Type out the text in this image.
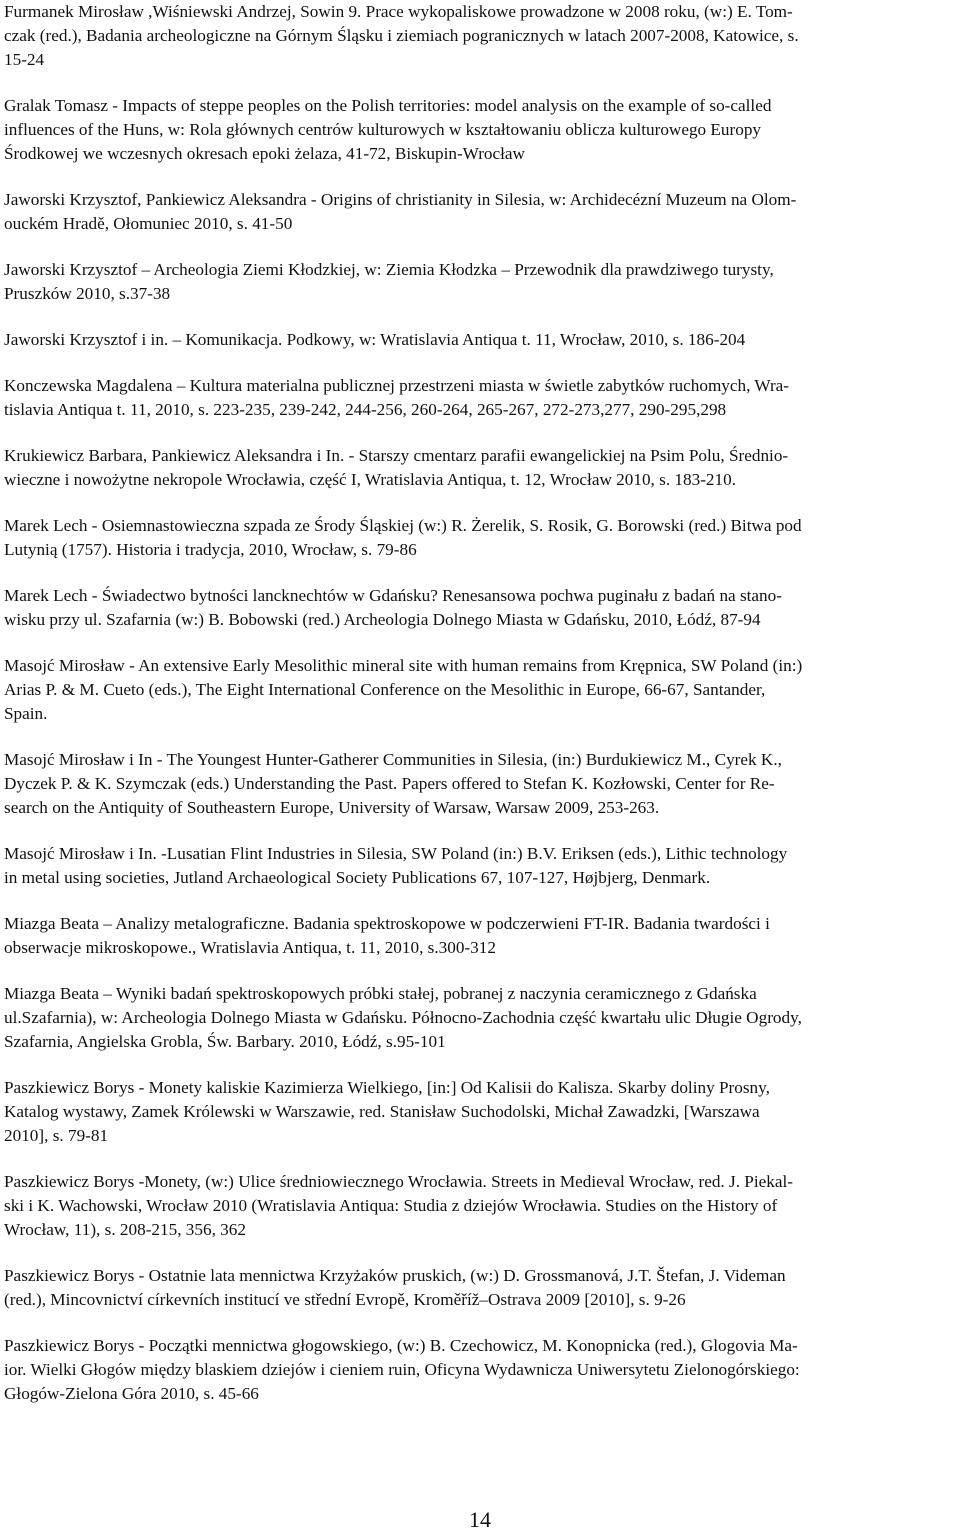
Furmanek Mirosław ,Wiśniewski Andrzej, Sowin 9. Prace wykopaliskowe prowadzone w 2008 roku, (w:) E. Tom-
czak (red.), Badania archeologiczne na Górnym Śląsku i ziemiach pogranicznych w latach 2007-2008, Katowice, s.
15-24
Gralak Tomasz - Impacts of steppe peoples on the Polish territories: model analysis on the example of so-called
influences of the Huns, w: Rola głównych centrów kulturowych w kształtowaniu oblicza kulturowego Europy
Środkowej we wczesnych okresach epoki żelaza, 41-72, Biskupin-Wrocław
Jaworski Krzysztof, Pankiewicz Aleksandra - Origins of christianity in Silesia, w: Archidecézní Muzeum na Olom-
ouckém Hradě, Ołomuniec 2010, s. 41-50
Jaworski Krzysztof – Archeologia Ziemi Kłodzkiej, w: Ziemia Kłodzka – Przewodnik dla prawdziwego turysty,
Pruszków 2010, s.37-38
Jaworski Krzysztof i in. – Komunikacja. Podkowy, w: Wratislavia Antiqua t. 11, Wrocław, 2010, s. 186-204
Konczewska Magdalena – Kultura materialna publicznej przestrzeni miasta w świetle zabytków ruchomych, Wra-
tislavia Antiqua t. 11, 2010, s. 223-235, 239-242, 244-256, 260-264, 265-267, 272-273,277, 290-295,298
Krukiewicz Barbara, Pankiewicz Aleksandra i In. - Starszy cmentarz parafii ewangelickiej na Psim Polu, Średnio-
wieczne i nowożytne nekropole Wrocławia, część I, Wratislavia Antiqua, t. 12, Wrocław 2010, s. 183-210.
Marek Lech - Osiemnastowieczna szpada ze Środy Śląskiej (w:) R. Żerelik, S. Rosik, G. Borowski (red.) Bitwa pod
Lutynią (1757). Historia i tradycja, 2010, Wrocław, s. 79-86
Marek Lech - Świadectwo bytności lancknechtów w Gdańsku? Renesansowa pochwa puginału z badań na stano-
wisku przy ul. Szafarnia (w:) B. Bobowski (red.) Archeologia Dolnego Miasta w Gdańsku, 2010, Łódź, 87-94
Masojć Mirosław - An extensive Early Mesolithic mineral site with human remains from Krępnica, SW Poland (in:)
Arias P. & M. Cueto (eds.), The Eight International Conference on the Mesolithic in Europe, 66-67, Santander,
Spain.
Masojć Mirosław i In - The Youngest Hunter-Gatherer Communities in Silesia, (in:) Burdukiewicz M., Cyrek K.,
Dyczek P. & K. Szymczak (eds.) Understanding the Past. Papers offered to Stefan K. Kozłowski, Center for Re-
search on the Antiquity of Southeastern Europe, University of Warsaw, Warsaw 2009, 253-263.
Masojć Mirosław i In. -Lusatian Flint Industries in Silesia, SW Poland (in:) B.V. Eriksen (eds.), Lithic technology
in metal using societies, Jutland Archaeological Society Publications 67, 107-127, Højbjerg, Denmark.
Miazga Beata – Analizy metalograficzne. Badania spektroskopowe w podczerwieni FT-IR. Badania twardości i
obserwacje mikroskopowe., Wratislavia Antiqua, t. 11, 2010, s.300-312
Miazga Beata – Wyniki badań spektroskopowych próbki stałej, pobranej z naczynia ceramicznego z Gdańska
ul.Szafarnia), w: Archeologia Dolnego Miasta w Gdańsku. Północno-Zachodnia część kwartału ulic Długie Ogrody,
Szafarnia, Angielska Grobla, Św. Barbary. 2010, Łódź, s.95-101
Paszkiewicz Borys - Monety kaliskie Kazimierza Wielkiego, [in:] Od Kalisii do Kalisza. Skarby doliny Prosny,
Katalog wystawy, Zamek Królewski w Warszawie, red. Stanisław Suchodolski, Michał Zawadzki, [Warszawa
2010], s. 79-81
Paszkiewicz Borys -Monety, (w:) Ulice średniowiecznego Wrocławia. Streets in Medieval Wrocław, red. J. Piekal-
ski i K. Wachowski, Wrocław 2010 (Wratislavia Antiqua: Studia z dziejów Wrocławia. Studies on the History of
Wrocław, 11), s. 208-215, 356, 362
Paszkiewicz Borys - Ostatnie lata mennictwa Krzyżaków pruskich, (w:) D. Grossmanová, J.T. Štefan, J. Videman
(red.), Mincovnictví církevních institucí ve střední Evropě, Kroměříž–Ostrava 2009 [2010], s. 9-26
Paszkiewicz Borys - Początki mennictwa głogowskiego, (w:) B. Czechowicz, M. Konopnicka (red.), Glogovia Ma-
ior. Wielki Głogów między blaskiem dziejów i cieniem ruin, Oficyna Wydawnicza Uniwersytetu Zielonogórskiego:
Głogów-Zielona Góra 2010, s. 45-66
14
